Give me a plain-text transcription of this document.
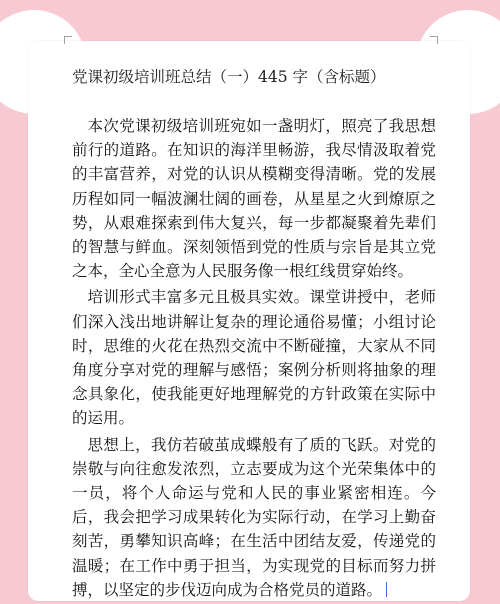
党课初级培训班总结（一）445 字（含标题）

本次党课初级培训班宛如一盏明灯，照亮了我思想前行的道路。在知识的海洋里畅游，我尽情汲取着党的丰富营养，对党的认识从模糊变得清晰。党的发展历程如同一幅波澜壮阔的画卷，从星星之火到燎原之势，从艰难探索到伟大复兴，每一步都凝聚着先辈们的智慧与鲜血。深刻领悟到党的性质与宗旨是其立党之本，全心全意为人民服务像一根红线贯穿始终。

培训形式丰富多元且极具实效。课堂讲授中，老师们深入浅出地讲解让复杂的理论通俗易懂；小组讨论时，思维的火花在热烈交流中不断碰撞，大家从不同角度分享对党的理解与感悟；案例分析则将抽象的理念具象化，使我能更好地理解党的方针政策在实际中的运用。

思想上，我仿若破茧成蝶般有了质的飞跃。对党的崇敬与向往愈发浓烈，立志要成为这个光荣集体中的一员，将个人命运与党和人民的事业紧密相连。今后，我会把学习成果转化为实际行动，在学习上勤奋刻苦，勇攀知识高峰；在生活中团结友爱，传递党的温暖；在工作中勇于担当，为实现党的目标而努力拼搏，以坚定的步伐迈向成为合格党员的道路。
